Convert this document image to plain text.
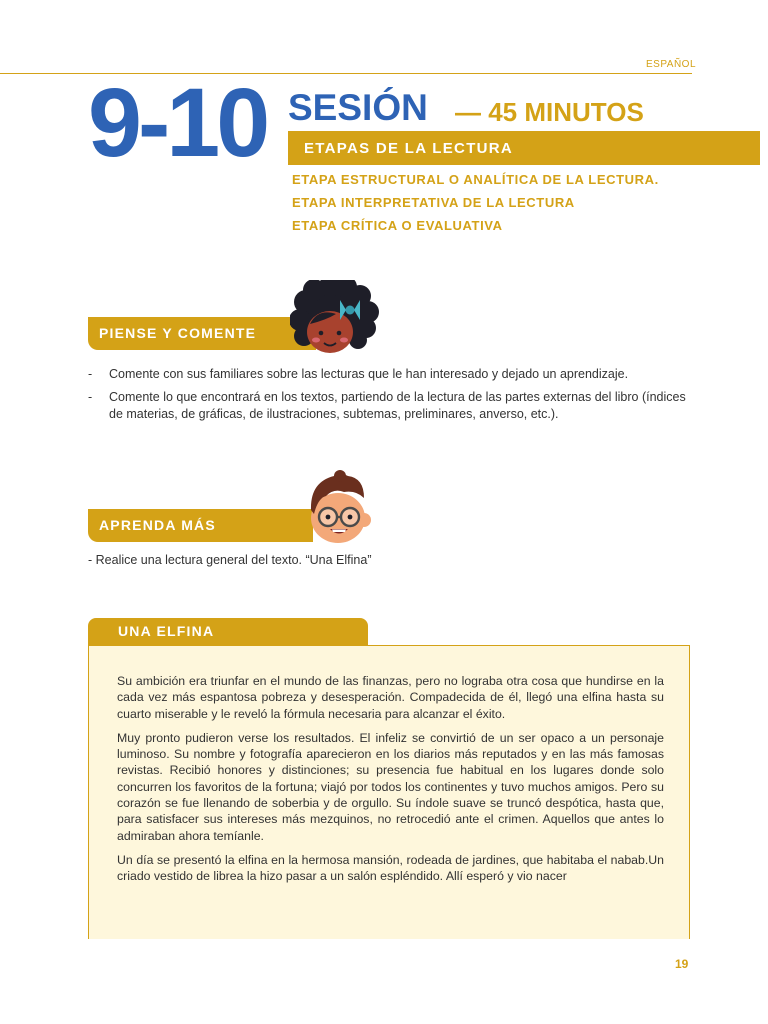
ESPAÑOL
9-10 SESIÓN — 45 MINUTOS
ETAPAS DE LA LECTURA
ETAPA ESTRUCTURAL O ANALÍTICA DE LA LECTURA.
ETAPA INTERPRETATIVA DE LA LECTURA
ETAPA CRÍTICA O EVALUATIVA
PIENSE Y COMENTE
- Comente con sus familiares sobre las lecturas que le han interesado y dejado un aprendizaje.
- Comente lo que encontrará en los textos, partiendo de la lectura de las partes externas del libro (índices de materias, de gráficas, de ilustraciones, subtemas, preliminares, anverso, etc.).
APRENDA MÁS
- Realice una lectura general del texto. “Una Elfina”
UNA ELFINA

Su ambición era triunfar en el mundo de las finanzas, pero no lograba otra cosa que hundirse en la cada vez más espantosa pobreza y desesperación. Compadecida de él, llegó una elfina hasta su cuarto miserable y le reveló la fórmula necesaria para alcanzar el éxito.

Muy pronto pudieron verse los resultados. El infeliz se convirtió de un ser opaco a un personaje luminoso. Su nombre y fotografía aparecieron en los diarios más reputados y en las más famosas revistas. Recibió honores y distinciones; su presencia fue habitual en los lugares donde solo concurren los favoritos de la fortuna; viajó por todos los continentes y tuvo muchos amigos. Pero su corazón se fue llenando de soberbia y de orgullo. Su índole suave se truncó despótica, hasta que, para satisfacer sus intereses más mezquinos, no retrocedió ante el crimen. Aquellos que antes lo admiraban ahora temíanle.

Un día se presentó la elfina en la hermosa mansión, rodeada de jardines, que habitaba el nabab.Un criado vestido de librea la hizo pasar a un salón espléndido. Allí esperó y vio nacer

19
